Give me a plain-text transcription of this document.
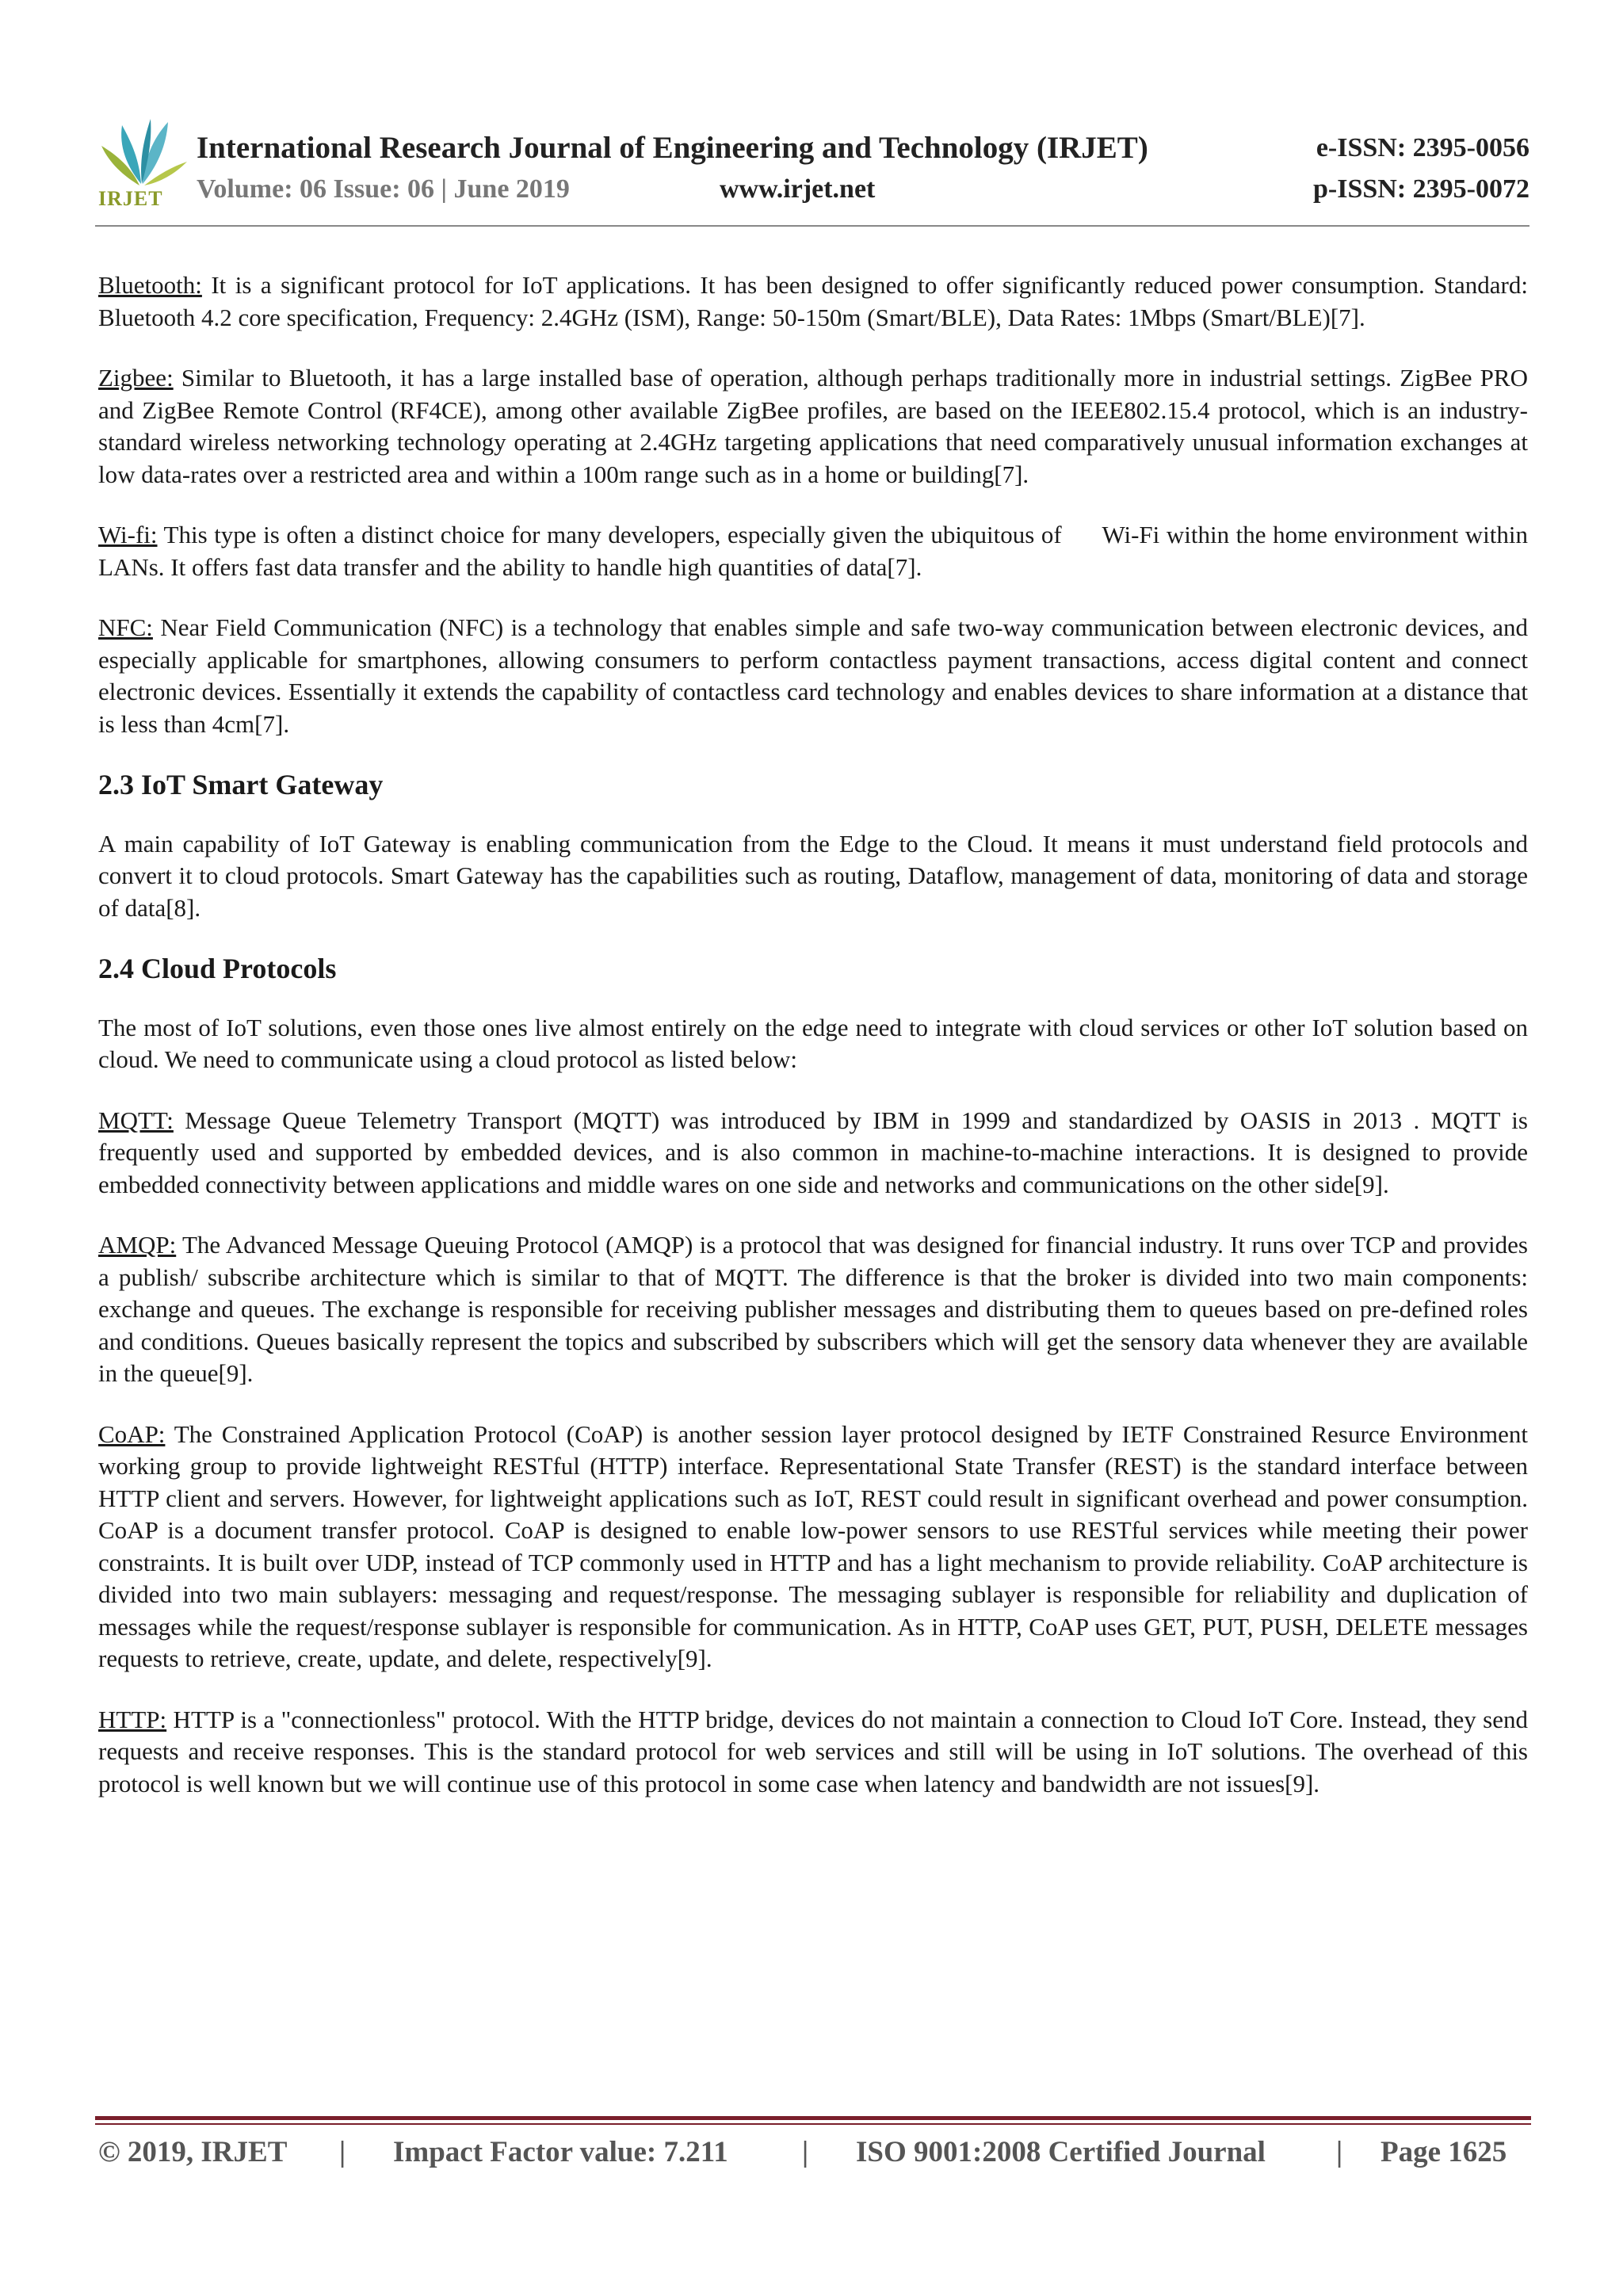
IRJET
International Research Journal of Engineering and Technology (IRJET)
Volume: 06 Issue: 06 | June 2019	www.irjet.net
e-ISSN: 2395-0056
p-ISSN: 2395-0072

Bluetooth: It is a significant protocol for IoT applications. It has been designed to offer significantly reduced power consumption. Standard: Bluetooth 4.2 core specification, Frequency: 2.4GHz (ISM), Range: 50-150m (Smart/BLE), Data Rates: 1Mbps (Smart/BLE)[7].

Zigbee: Similar to Bluetooth, it has a large installed base of operation, although perhaps traditionally more in industrial settings. ZigBee PRO and ZigBee Remote Control (RF4CE), among other available ZigBee profiles, are based on the IEEE802.15.4 protocol, which is an industry-standard wireless networking technology operating at 2.4GHz targeting applications that need comparatively unusual information exchanges at low data-rates over a restricted area and within a 100m range such as in a home or building[7].

Wi-fi: This type is often a distinct choice for many developers, especially given the ubiquitous of      Wi-Fi within the home environment within LANs. It offers fast data transfer and the ability to handle high quantities of data[7].

NFC: Near Field Communication (NFC) is a technology that enables simple and safe two-way communication between electronic devices, and especially applicable for smartphones, allowing consumers to perform contactless payment transactions, access digital content and connect electronic devices. Essentially it extends the capability of contactless card technology and enables devices to share information at a distance that is less than 4cm[7].

2.3 IoT Smart Gateway

A main capability of IoT Gateway is enabling communication from the Edge to the Cloud. It means it must understand field protocols and convert it to cloud protocols. Smart Gateway has the capabilities such as routing, Dataflow, management of data, monitoring of data and storage of data[8].

2.4 Cloud Protocols

The most of IoT solutions, even those ones live almost entirely on the edge need to integrate with cloud services or other IoT solution based on cloud. We need to communicate using a cloud protocol as listed below:

MQTT: Message Queue Telemetry Transport (MQTT) was introduced by IBM in 1999 and standardized by OASIS in 2013 . MQTT is frequently used and supported by embedded devices, and is also common in machine-to-machine interactions. It is designed to provide embedded connectivity between applications and middle wares on one side and networks and communications on the other side[9].

AMQP: The Advanced Message Queuing Protocol (AMQP) is a protocol that was designed for financial industry. It runs over TCP and provides a publish/ subscribe architecture which is similar to that of MQTT. The difference is that the broker is divided into two main components: exchange and queues. The exchange is responsible for receiving publisher messages and distributing them to queues based on pre-defined roles and conditions. Queues basically represent the topics and subscribed by subscribers which will get the sensory data whenever they are available in the queue[9].

CoAP: The Constrained Application Protocol (CoAP) is another session layer protocol designed by IETF Constrained Resurce Environment working group to provide lightweight RESTful (HTTP) interface. Representational State Transfer (REST) is the standard interface between HTTP client and servers. However, for lightweight applications such as IoT, REST could result in significant overhead and power consumption. CoAP is a document transfer protocol. CoAP is designed to enable low-power sensors to use RESTful services while meeting their power constraints. It is built over UDP, instead of TCP commonly used in HTTP and has a light mechanism to provide reliability. CoAP architecture is divided into two main sublayers: messaging and request/response. The messaging sublayer is responsible for reliability and duplication of messages while the request/response sublayer is responsible for communication. As in HTTP, CoAP uses GET, PUT, PUSH, DELETE messages requests to retrieve, create, update, and delete, respectively[9].

HTTP: HTTP is a "connectionless" protocol. With the HTTP bridge, devices do not maintain a connection to Cloud IoT Core. Instead, they send requests and receive responses. This is the standard protocol for web services and still will be using in IoT solutions. The overhead of this protocol is well known but we will continue use of this protocol in some case when latency and bandwidth are not issues[9].

© 2019, IRJET | Impact Factor value: 7.211	| ISO 9001:2008 Certified Journal | Page 1625
